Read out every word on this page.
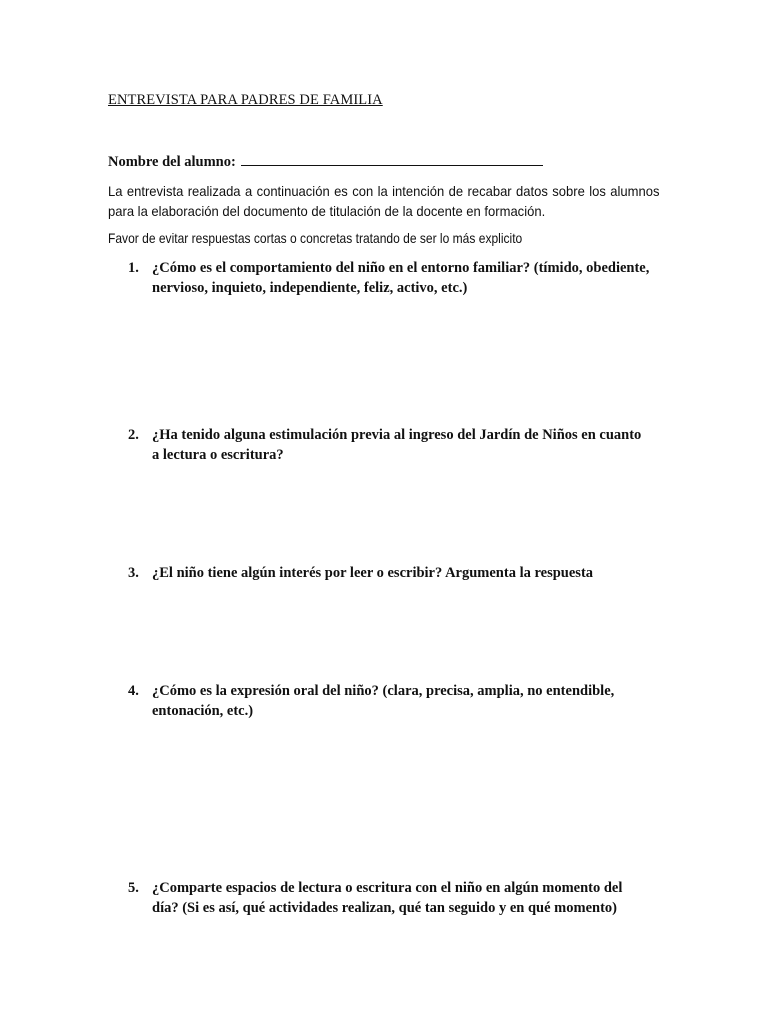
ENTREVISTA PARA PADRES DE FAMILIA
Nombre del alumno:
La entrevista realizada a continuación es con la intención de recabar datos sobre los alumnos para la elaboración del documento de titulación de la docente en formación.
Favor de evitar respuestas cortas o concretas tratando de ser lo más explicito
1. ¿Cómo es el comportamiento del niño en el entorno familiar? (tímido, obediente, nervioso, inquieto, independiente, feliz, activo, etc.)
2. ¿Ha tenido alguna estimulación previa al ingreso del Jardín de Niños en cuanto a lectura o escritura?
3. ¿El niño tiene algún interés por leer o escribir? Argumenta la respuesta
4. ¿Cómo es la expresión oral del niño? (clara, precisa, amplia, no entendible, entonación, etc.)
5. ¿Comparte espacios de lectura o escritura con el niño en algún momento del día? (Si es así, qué actividades realizan, qué tan seguido y en qué momento)
